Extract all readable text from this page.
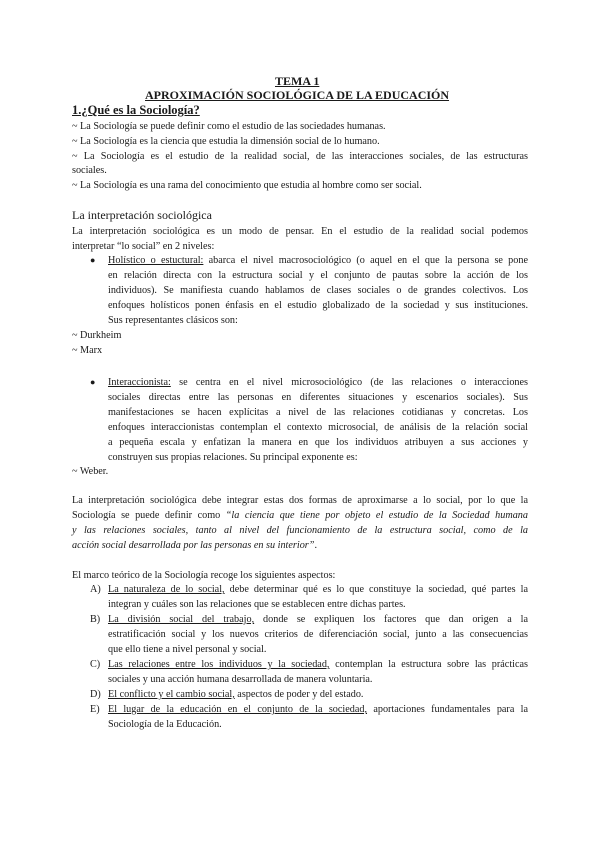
TEMA 1
APROXIMACIÓN SOCIOLÓGICA DE LA EDUCACIÓN
1.¿Qué es la Sociología?
~ La Sociología se puede definir como el estudio de las sociedades humanas.
~ La Sociología es la ciencia que estudia la dimensión social de lo humano.
~ La Sociología es el estudio de la realidad social, de las interacciones sociales, de las estructuras
sociales.
~ La Sociología es una rama del conocimiento que estudia al hombre como ser social.
La interpretación sociológica
La interpretación sociológica es un modo de pensar. En el estudio de la realidad social podemos
interpretar “lo social” en 2 niveles:
● Holístico o estuctural: abarca el nivel macrosociológico (o aquel en el que la persona se pone
en relación directa con la estructura social y el conjunto de pautas sobre la acción de los
individuos). Se manifiesta cuando hablamos de clases sociales o de grandes colectivos. Los
enfoques holísticos ponen énfasis en el estudio globalizado de la sociedad y sus instituciones.
Sus representantes clásicos son:
~ Durkheim
~ Marx
● Interaccionista: se centra en el nivel microsociológico (de las relaciones o interacciones
sociales directas entre las personas en diferentes situaciones y escenarios sociales). Sus
manifestaciones se hacen explícitas a nivel de las relaciones cotidianas y concretas. Los
enfoques interaccionistas contemplan el contexto microsocial, de análisis de la relación social
a pequeña escala y enfatizan la manera en que los individuos atribuyen a sus acciones y
construyen sus propias relaciones. Su principal exponente es:
~ Weber.
La interpretación sociológica debe integrar estas dos formas de aproximarse a lo social, por lo que la
Sociología se puede definir como “la ciencia que tiene por objeto el estudio de la Sociedad humana
y las relaciones sociales, tanto al nivel del funcionamiento de la estructura social, como de la
acción social desarrollada por las personas en su interior”.
El marco teórico de la Sociología recoge los siguientes aspectos:
A) La naturaleza de lo social, debe determinar qué es lo que constituye la sociedad, qué partes la
integran y cuáles son las relaciones que se establecen entre dichas partes.
B) La división social del trabajo, donde se expliquen los factores que dan origen a la
estratificación social y los nuevos criterios de diferenciación social, junto a las consecuencias
que ello tiene a nivel personal y social.
C) Las relaciones entre los individuos y la sociedad, contemplan la estructura sobre las prácticas
sociales y una acción humana desarrollada de manera voluntaria.
D) El conflicto y el cambio social, aspectos de poder y del estado.
E) El lugar de la educación en el conjunto de la sociedad, aportaciones fundamentales para la
Sociología de la Educación.
